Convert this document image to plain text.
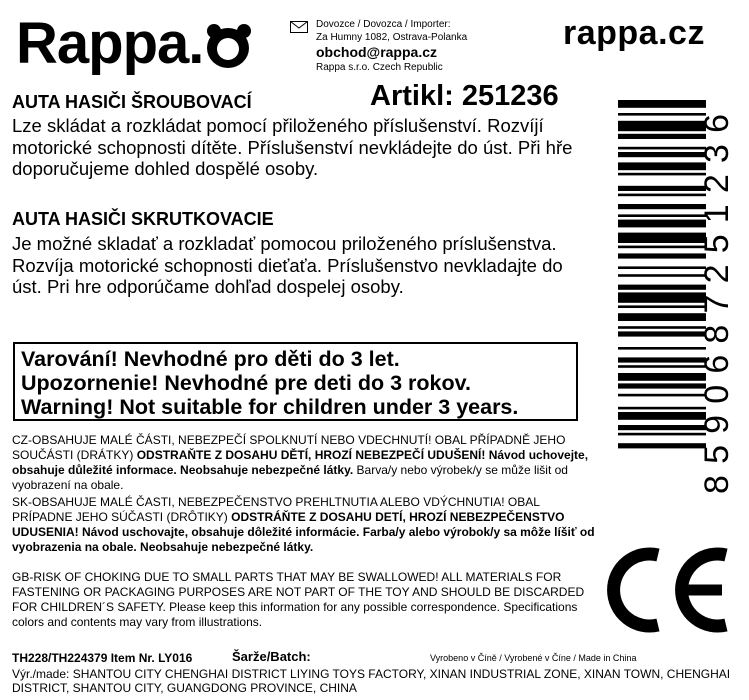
Rappa.	Dovozce / Dovozca / Importer:
Za Humny 1082, Ostrava-Polanka
obchod@rappa.cz
Rappa s.r.o. Czech Republic
rappa.cz
Artikl: 251236
AUTA HASIČI ŠROUBOVACÍ
Lze skládat a rozkládat pomocí přiloženého příslušenství. Rozvíjí motorické schopnosti dítěte. Příslušenství nevkládejte do úst. Při hře doporučujeme dohled dospělé osoby.
AUTA HASIČI SKRUTKOVACIE
Je možné skladať a rozkladať pomocou priloženého príslušenstva. Rozvíja motorické schopnosti dieťaťa. Príslušenstvo nevkladajte do úst. Pri hre odporúčame dohľad dospelej osoby.
Varování! Nevhodné pro děti do 3 let.
Upozornenie! Nevhodné pre deti do 3 rokov.
Warning! Not suitable for children under 3 years.
CZ-OBSAHUJE MALÉ ČÁSTI, NEBEZPEČÍ SPOLKNUTÍ NEBO VDECHNUTÍ! OBAL PŘÍPADNĚ JEHO SOUČÁSTI (DRÁTKY) ODSTRAŇTE Z DOSAHU DĚTÍ, HROZÍ NEBEZPEČÍ UDUŠENÍ! Návod uchovejte, obsahuje důležité informace. Neobsahuje nebezpečné látky. Barva/y nebo výrobek/y se může lišit od vyobrazení na obale.
SK-OBSAHUJE MALÉ ČASTI, NEBEZPEČENSTVO PREHLTNUTIA ALEBO VDÝCHNUTIA! OBAL PRÍPADNE JEHO SÚČASTI (DRÔTIKY) ODSTRÁŇTE Z DOSAHU DETÍ, HROZÍ NEBEZPEČENSTVO UDUSENIA! Návod uschovajte, obsahuje dôležité informácie. Farba/y alebo výrobok/y sa môže líšiť od vyobrazenia na obale. Neobsahuje nebezpečné látky.
GB-RISK OF CHOKING DUE TO SMALL PARTS THAT MAY BE SWALLOWED! ALL MATERIALS FOR FASTENING OR PACKAGING PURPOSES ARE NOT PART OF THE TOY AND SHOULD BE DISCARDED FOR CHILDREN´S SAFETY. Please keep this information for any possible correspondence. Specifications colors and contents may vary from illustrations.
8590687251236
TH228/TH224379 Item Nr. LY016	Šarže/Batch:	Vyrobeno v Číně / Vyrobené v Číne / Made in China
Výr./made: SHANTOU CITY CHENGHAI DISTRICT LIYING TOYS FACTORY, XINAN INDUSTRIAL ZONE, XINAN TOWN, CHENGHAI DISTRICT, SHANTOU CITY, GUANGDONG PROVINCE, CHINA
